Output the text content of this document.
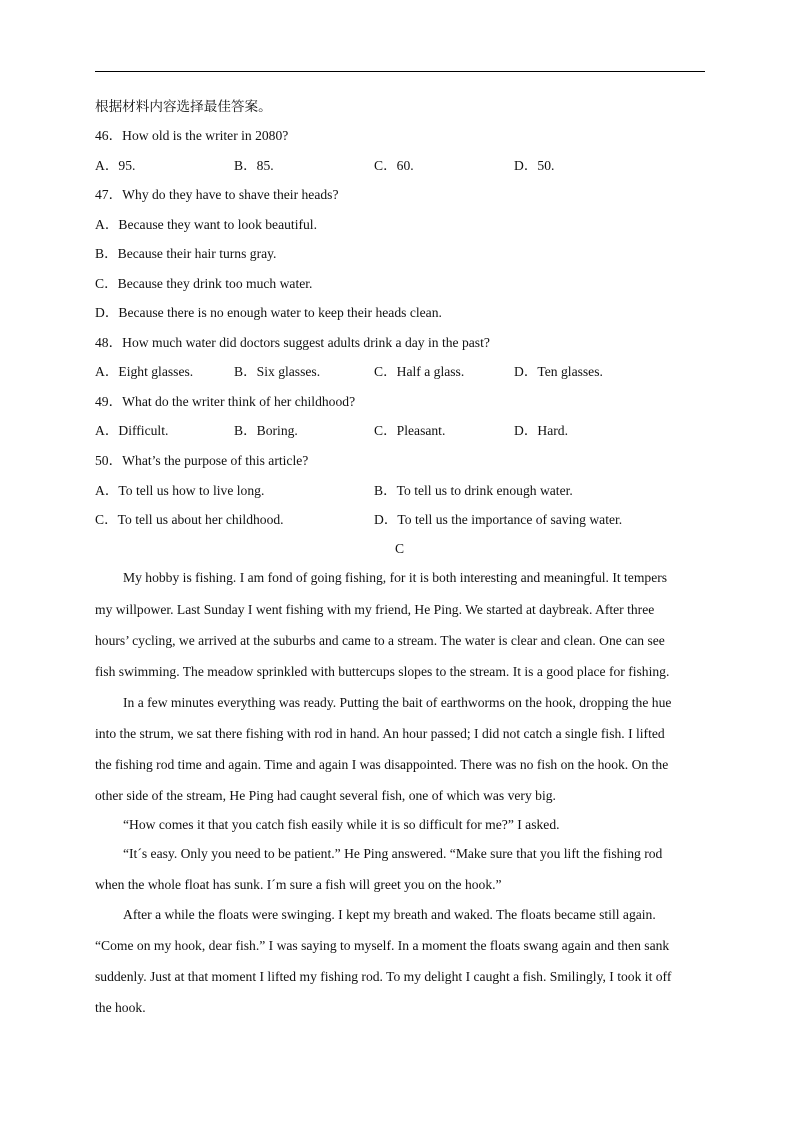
根据材料内容选择最佳答案。
46．How old is the writer in 2080?
A．95.	B．85.	C．60.	D．50.
47．Why do they have to shave their heads?
A．Because they want to look beautiful.
B．Because their hair turns gray.
C．Because they drink too much water.
D．Because there is no enough water to keep their heads clean.
48．How much water did doctors suggest adults drink a day in the past?
A．Eight glasses.	B．Six glasses.	C．Half a glass.	D．Ten glasses.
49．What do the writer think of her childhood?
A．Difficult.	B．Boring.	C．Pleasant.	D．Hard.
50．What’s the purpose of this article?
A．To tell us how to live long.	B．To tell us to drink enough water.
C．To tell us about her childhood.	D．To tell us the importance of saving water.
C
My hobby is fishing. I am fond of going fishing, for it is both interesting and meaningful. It tempers
my willpower. Last Sunday I went fishing with my friend, He Ping. We started at daybreak. After three
hours’ cycling, we arrived at the suburbs and came to a stream. The water is clear and clean. One can see
fish swimming. The meadow sprinkled with buttercups slopes to the stream. It is a good place for fishing.
In a few minutes everything was ready. Putting the bait of earthworms on the hook, dropping the hue
into the strum, we sat there fishing with rod in hand. An hour passed; I did not catch a single fish. I lifted
the fishing rod time and again. Time and again I was disappointed. There was no fish on the hook. On the
other side of the stream, He Ping had caught several fish, one of which was very big.
“How comes it that you catch fish easily while it is so difficult for me?” I asked.
“It´s easy. Only you need to be patient.” He Ping answered. “Make sure that you lift the fishing rod
when the whole float has sunk. I´m sure a fish will greet you on the hook.”
After a while the floats were swinging. I kept my breath and waked. The floats became still again.
“Come on my hook, dear fish.” I was saying to myself. In a moment the floats swang again and then sank
suddenly. Just at that moment I lifted my fishing rod. To my delight I caught a fish. Smilingly, I took it off
the hook.
